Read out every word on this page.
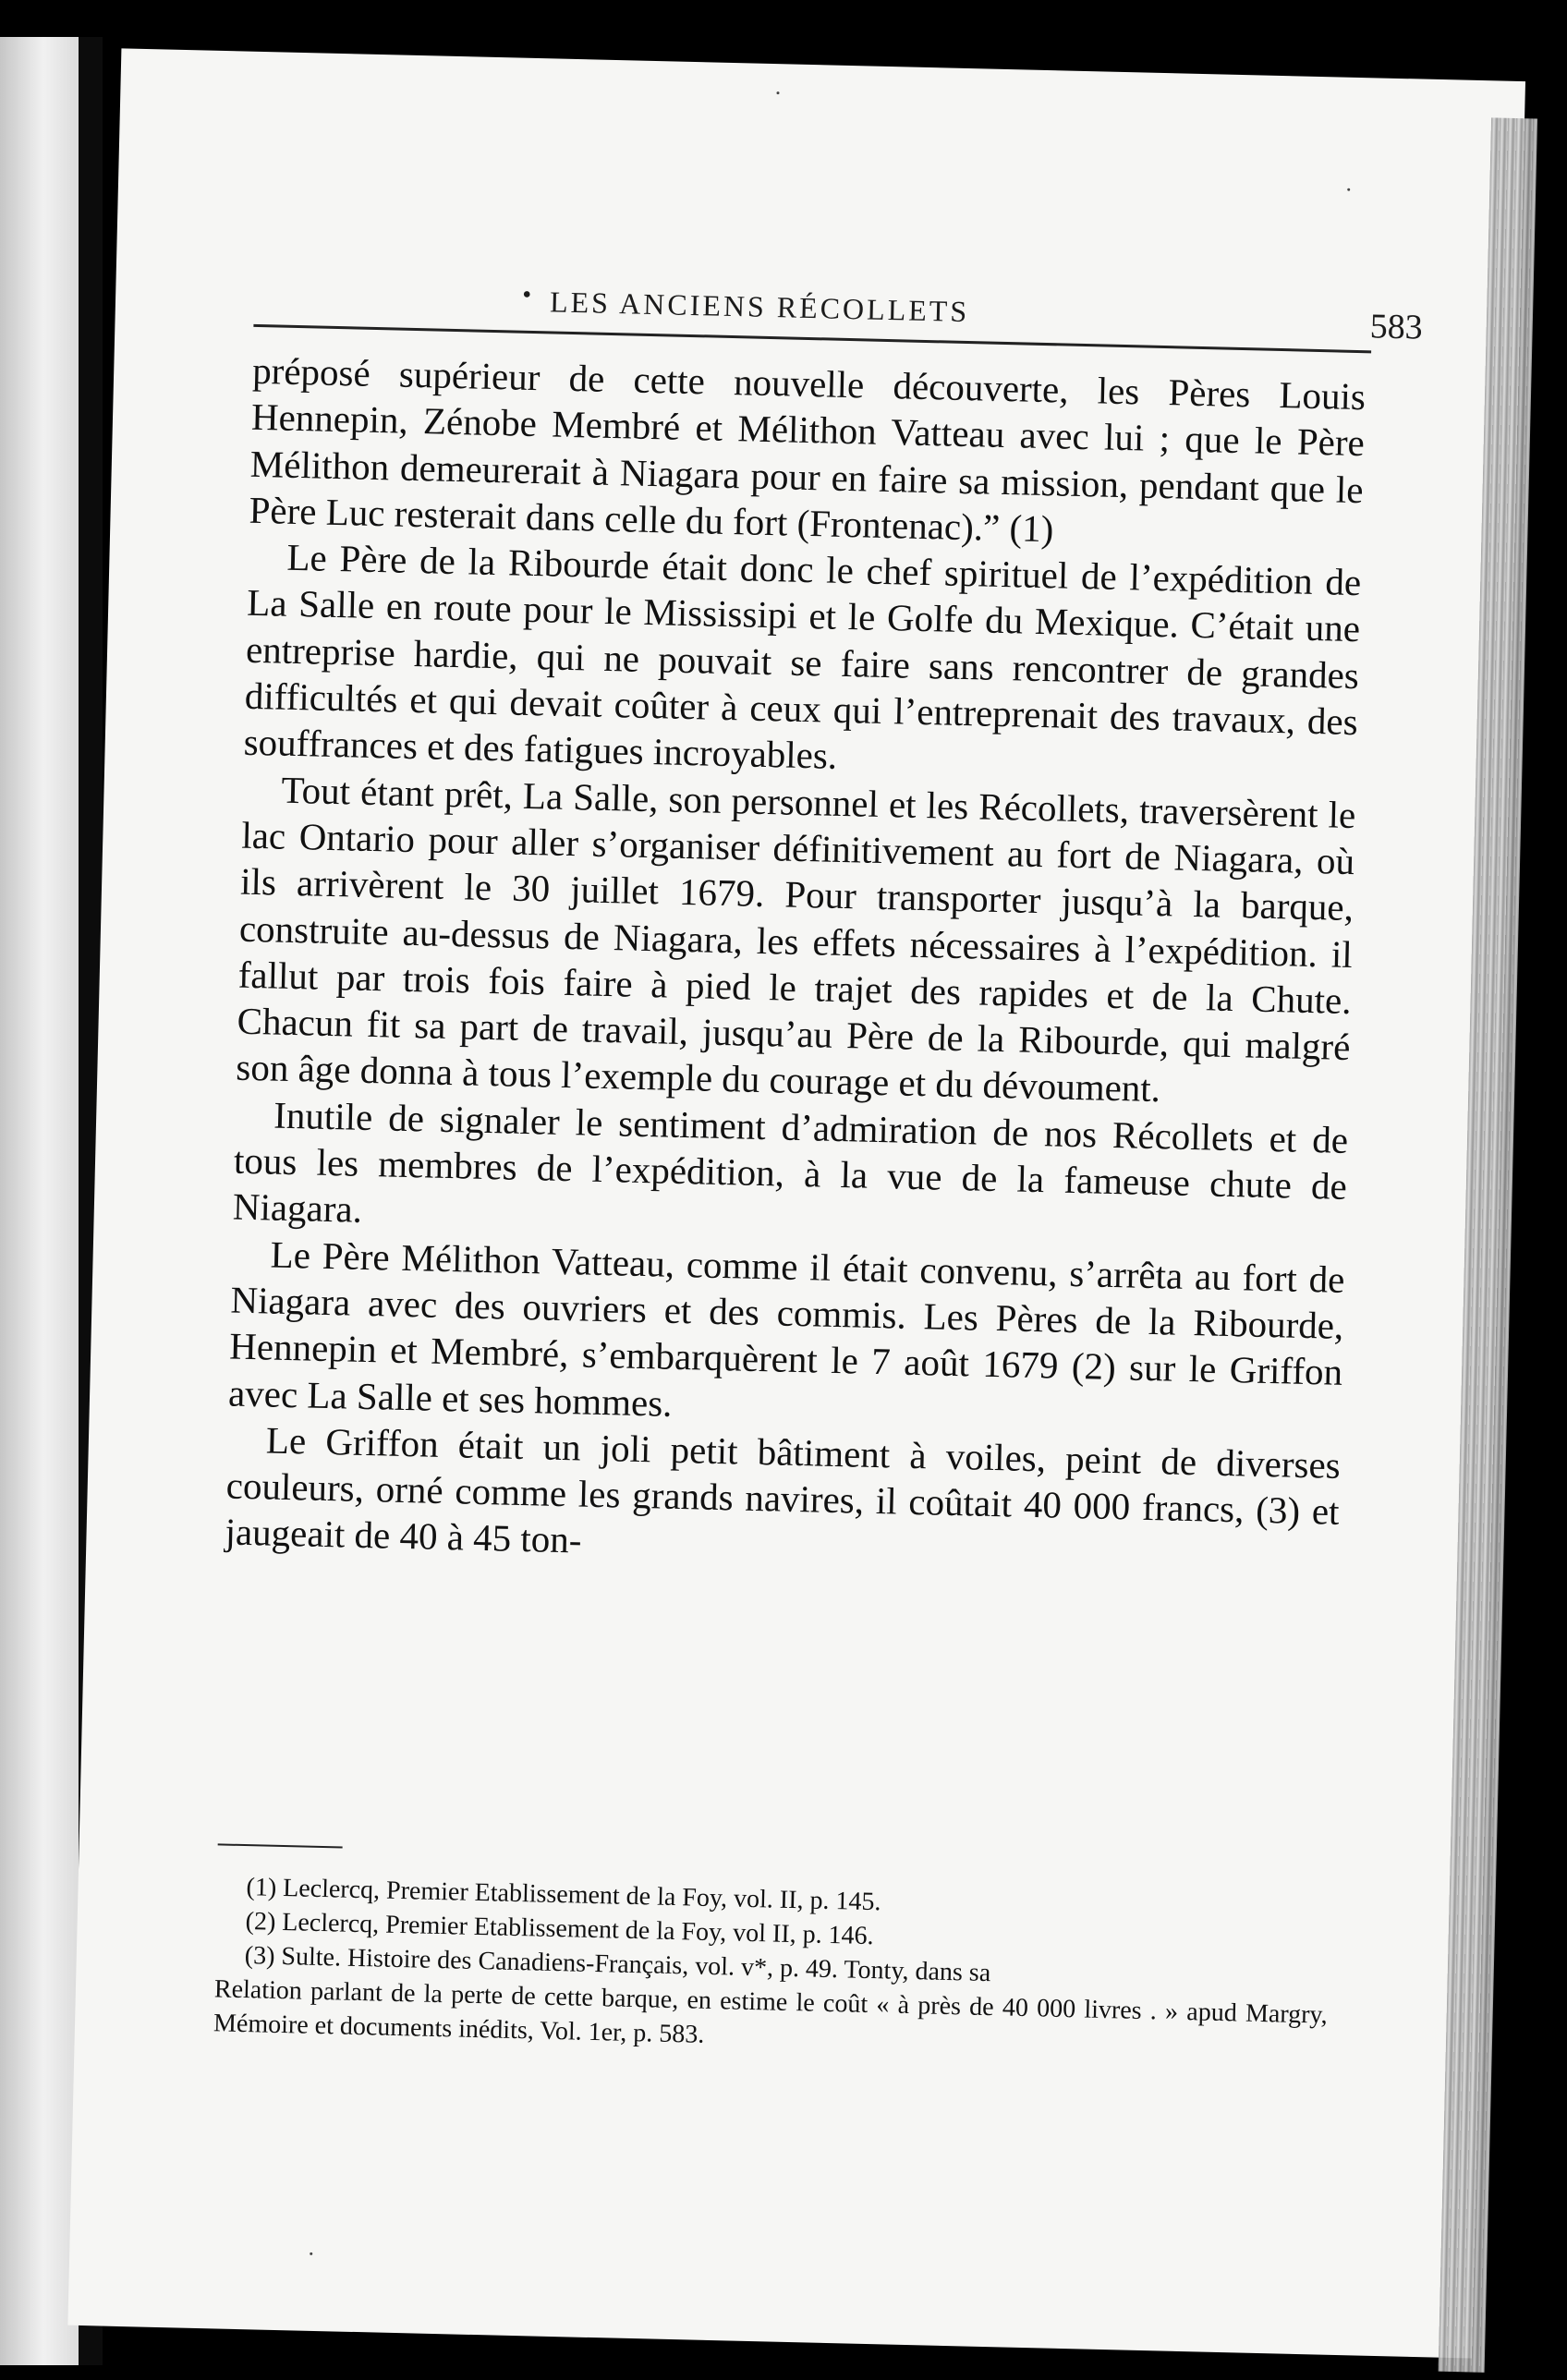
• LES ANCIENS RÉCOLLETS	583

préposé supérieur de cette nouvelle découverte, les Pères Louis Hennepin, Zénobe Membré et Mélithon Vatteau avec lui ; que le Père Mélithon demeurerait à Niagara pour en faire sa mission, pendant que le Père Luc resterait dans celle du fort (Frontenac).” (1)

Le Père de la Ribourde était donc le chef spirituel de l’expédition de La Salle en route pour le Mississipi et le Golfe du Mexique. C’était une entreprise hardie, qui ne pouvait se faire sans rencontrer de grandes difficultés et qui devait coûter à ceux qui l’entreprenait des travaux, des souffrances et des fatigues incroyables.

Tout étant prêt, La Salle, son personnel et les Récollets, traversèrent le lac Ontario pour aller s’organiser définitivement au fort de Niagara, où ils arrivèrent le 30 juillet 1679. Pour transporter jusqu’à la barque, construite au-dessus de Niagara, les effets nécessaires à l’expédition. il fallut par trois fois faire à pied le trajet des rapides et de la Chute. Chacun fit sa part de travail, jusqu’au Père de la Ribourde, qui malgré son âge donna à tous l’exemple du courage et du dévoument.

Inutile de signaler le sentiment d’admiration de nos Récollets et de tous les membres de l’expédition, à la vue de la fameuse chute de Niagara.

Le Père Mélithon Vatteau, comme il était convenu, s’arrêta au fort de Niagara avec des ouvriers et des commis. Les Pères de la Ribourde, Hennepin et Membré, s’embarquèrent le 7 août 1679 (2) sur le Griffon avec La Salle et ses hommes.

Le Griffon était un joli petit bâtiment à voiles, peint de diverses couleurs, orné comme les grands navires, il coûtait 40 000 francs, (3) et jaugeait de 40 à 45 ton-

(1) Leclercq, Premier Etablissement de la Foy, vol. II, p. 145.

(2) Leclercq, Premier Etablissement de la Foy, vol II, p. 146.

(3) Sulte. Histoire des Canadiens-Français, vol. v*, p. 49. Tonty, dans sa

Relation parlant de la perte de cette barque, en estime le coût « à près de 40 000 livres . » apud Margry, Mémoire et documents inédits, Vol. 1er, p. 583.
